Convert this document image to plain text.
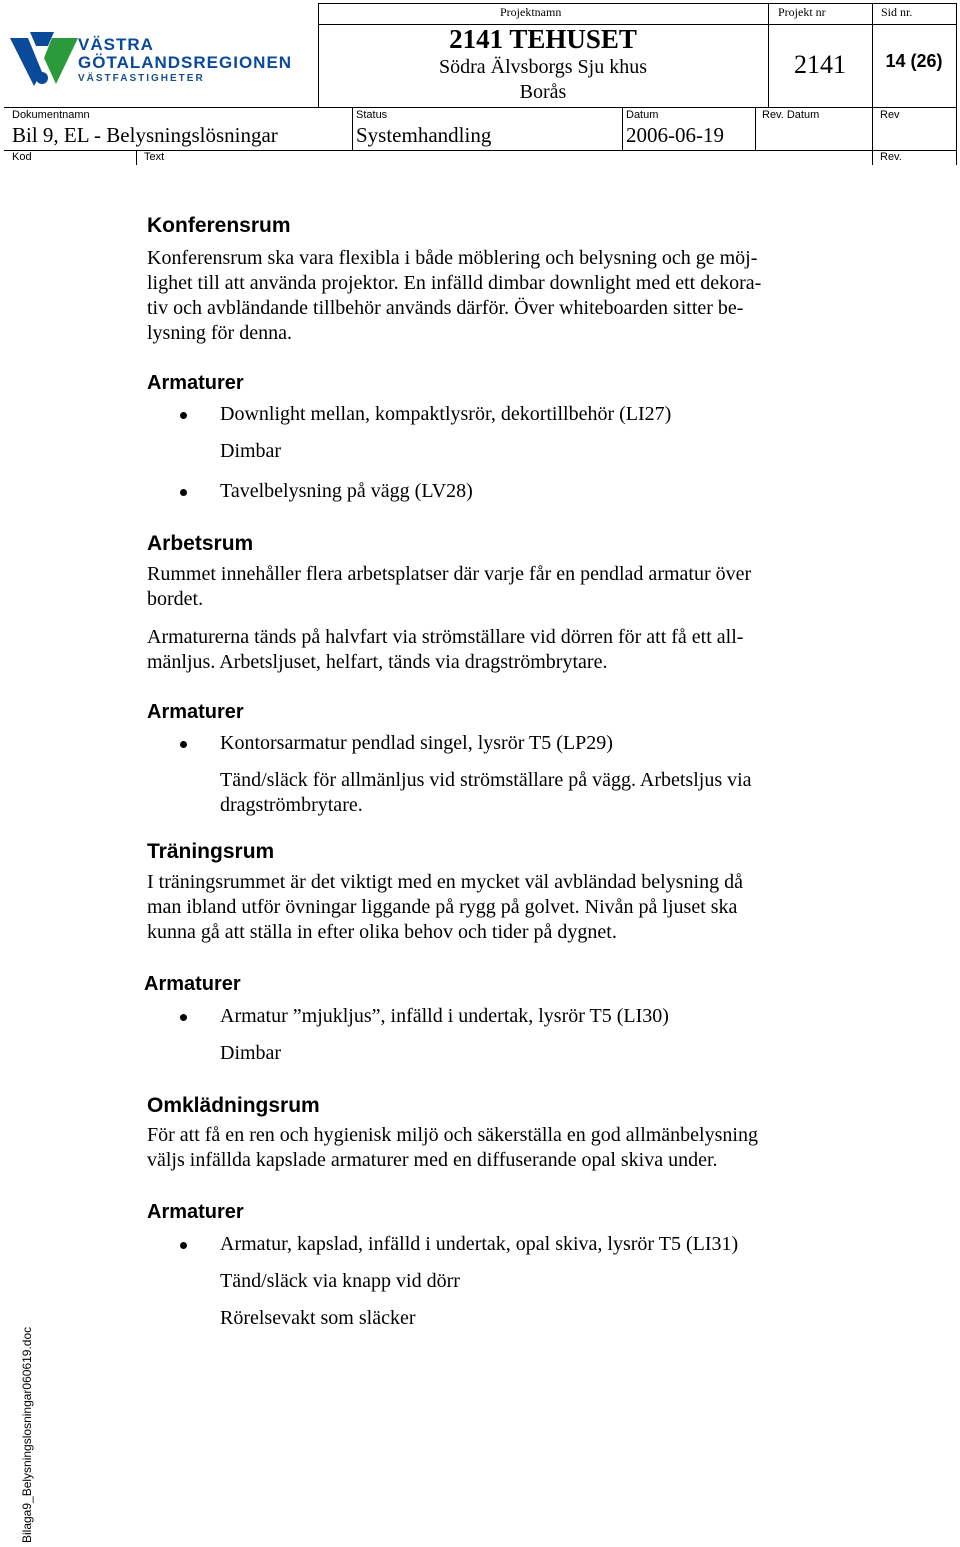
VÄSTRA
GÖTALANDSREGIONEN
VÄSTFASTIGHETER
Projektnamn	Projekt nr	Sid nr.
2141 TEHUSET
Södra Älvsborgs Sju khus
Borås
2141	14 (26)
Dokumentnamn	Status	Datum	Rev. Datum	Rev
Bil 9, EL - Belysningslösningar	Systemhandling	2006-06-19
Kod	Text	Rev.
Konferensrum
Konferensrum ska vara flexibla i både möblering och belysning och ge möj-
lighet till att använda projektor. En infälld dimbar downlight med ett dekora-
tiv och avbländande tillbehör används därför. Över whiteboarden sitter be-
lysning för denna.
Armaturer
Downlight mellan, kompaktlysrör, dekortillbehör (LI27)
Dimbar
Tavelbelysning på vägg (LV28)
Arbetsrum
Rummet innehåller flera arbetsplatser där varje får en pendlad armatur över
bordet.
Armaturerna tänds på halvfart via strömställare vid dörren för att få ett all-
mänljus. Arbetsljuset, helfart, tänds via dragströmbrytare.
Armaturer
Kontorsarmatur pendlad singel, lysrör T5 (LP29)
Tänd/släck för allmänljus vid strömställare på vägg. Arbetsljus via
dragströmbrytare.
Träningsrum
I träningsrummet är det viktigt med en mycket väl avbländad belysning då
man ibland utför övningar liggande på rygg på golvet. Nivån på ljuset ska
kunna gå att ställa in efter olika behov och tider på dygnet.
Armaturer
Armatur ”mjukljus”, infälld i undertak, lysrör T5 (LI30)
Dimbar
Omklädningsrum
För att få en ren och hygienisk miljö och säkerställa en god allmänbelysning
väljs infällda kapslade armaturer med en diffuserande opal skiva under.
Armaturer
Armatur, kapslad, infälld i undertak, opal skiva, lysrör T5 (LI31)
Tänd/släck via knapp vid dörr
Rörelsevakt som släcker
Bilaga9_Belysningslosningar060619.doc
